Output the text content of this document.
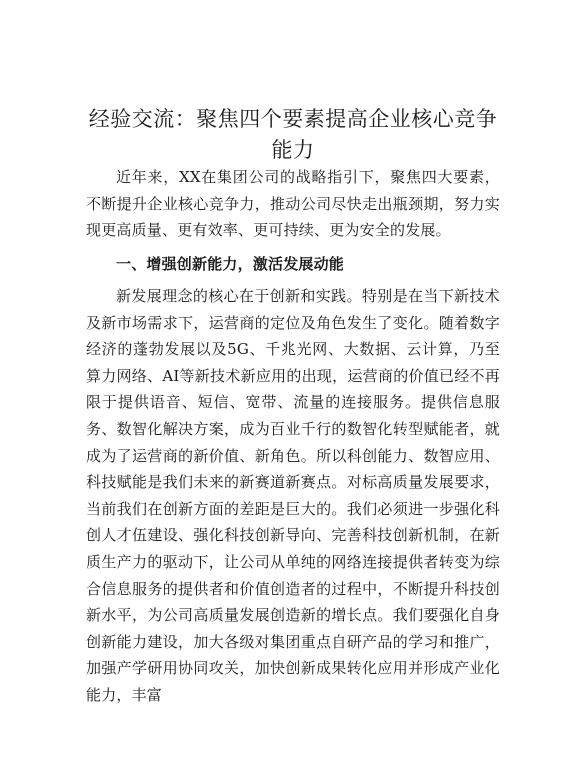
经验交流：聚焦四个要素提高企业核心竞争能力

近年来，XX在集团公司的战略指引下，聚焦四大要素，不断提升企业核心竞争力，推动公司尽快走出瓶颈期，努力实现更高质量、更有效率、更可持续、更为安全的发展。

一、增强创新能力，激活发展动能

新发展理念的核心在于创新和实践。特别是在当下新技术及新市场需求下，运营商的定位及角色发生了变化。随着数字经济的蓬勃发展以及5G、千兆光网、大数据、云计算，乃至算力网络、AI等新技术新应用的出现，运营商的价值已经不再限于提供语音、短信、宽带、流量的连接服务。提供信息服务、数智化解决方案，成为百业千行的数智化转型赋能者，就成为了运营商的新价值、新角色。所以科创能力、数智应用、科技赋能是我们未来的新赛道新赛点。对标高质量发展要求，当前我们在创新方面的差距是巨大的。我们必须进一步强化科创人才伍建设、强化科技创新导向、完善科技创新机制，在新质生产力的驱动下，让公司从单纯的网络连接提供者转变为综合信息服务的提供者和价值创造者的过程中，不断提升科技创新水平，为公司高质量发展创造新的增长点。我们要强化自身创新能力建设，加大各级对集团重点自研产品的学习和推广，加强产学研用协同攻关，加快创新成果转化应用并形成产业化能力，丰富
